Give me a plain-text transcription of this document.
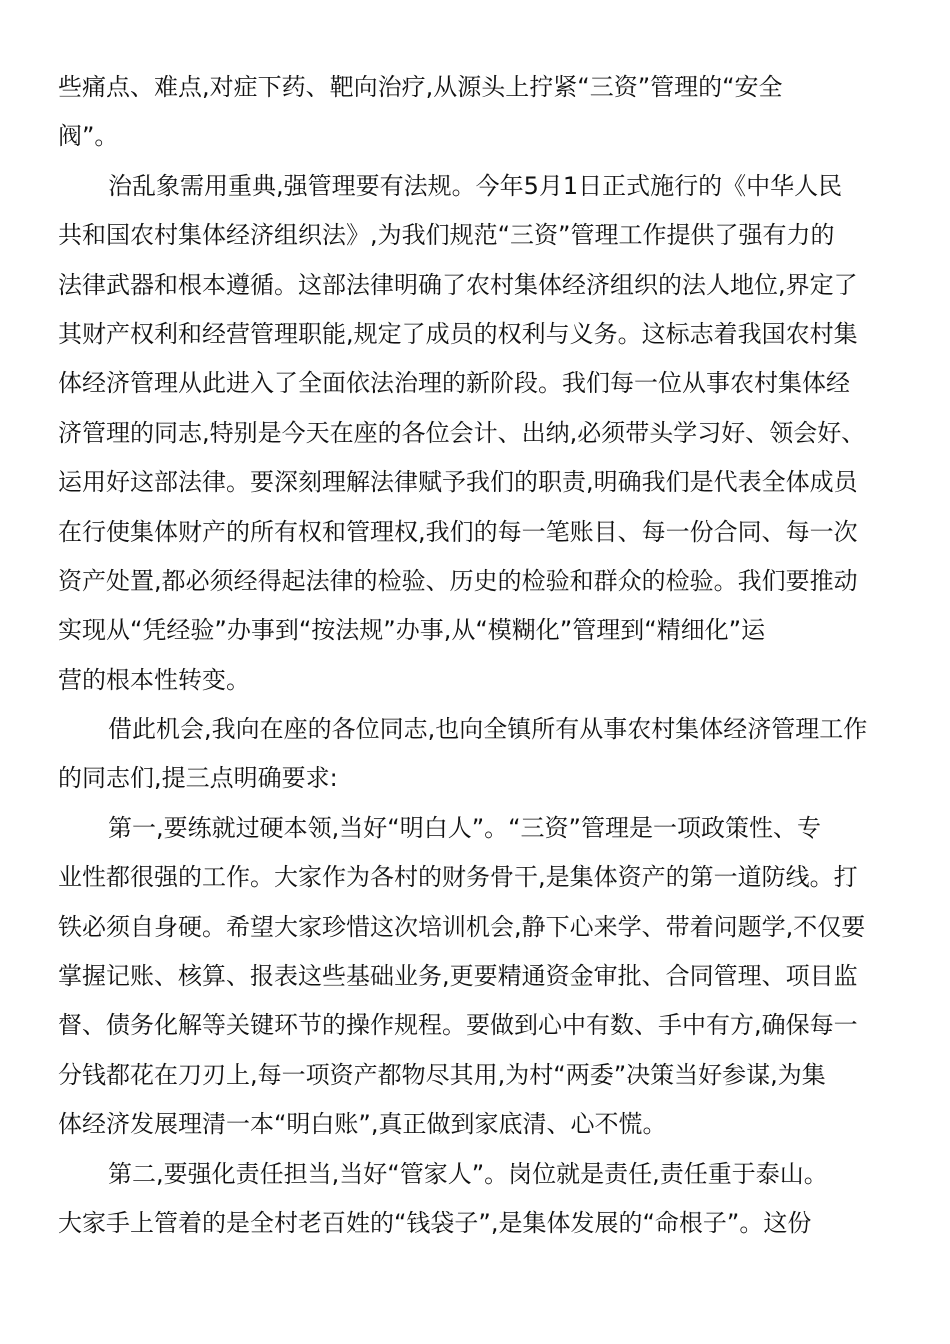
些痛点、难点,对症下药、靶向治疗,从源头上拧紧“三资”管理的“安全
阀”。
治乱象需用重典,强管理要有法规。今年5月1日正式施行的《中华人民
共和国农村集体经济组织法》,为我们规范“三资”管理工作提供了强有力的
法律武器和根本遵循。这部法律明确了农村集体经济组织的法人地位,界定了
其财产权利和经营管理职能,规定了成员的权利与义务。这标志着我国农村集
体经济管理从此进入了全面依法治理的新阶段。我们每一位从事农村集体经
济管理的同志,特别是今天在座的各位会计、出纳,必须带头学习好、领会好、
运用好这部法律。要深刻理解法律赋予我们的职责,明确我们是代表全体成员
在行使集体财产的所有权和管理权,我们的每一笔账目、每一份合同、每一次
资产处置,都必须经得起法律的检验、历史的检验和群众的检验。我们要推动
实现从“凭经验”办事到“按法规”办事,从“模糊化”管理到“精细化”运
营的根本性转变。
借此机会,我向在座的各位同志,也向全镇所有从事农村集体经济管理工作
的同志们,提三点明确要求:
第一,要练就过硬本领,当好“明白人”。“三资”管理是一项政策性、专
业性都很强的工作。大家作为各村的财务骨干,是集体资产的第一道防线。打
铁必须自身硬。希望大家珍惜这次培训机会,静下心来学、带着问题学,不仅要
掌握记账、核算、报表这些基础业务,更要精通资金审批、合同管理、项目监
督、债务化解等关键环节的操作规程。要做到心中有数、手中有方,确保每一
分钱都花在刀刃上,每一项资产都物尽其用,为村“两委”决策当好参谋,为集
体经济发展理清一本“明白账”,真正做到家底清、心不慌。
第二,要强化责任担当,当好“管家人”。岗位就是责任,责任重于泰山。
大家手上管着的是全村老百姓的“钱袋子”,是集体发展的“命根子”。这份
